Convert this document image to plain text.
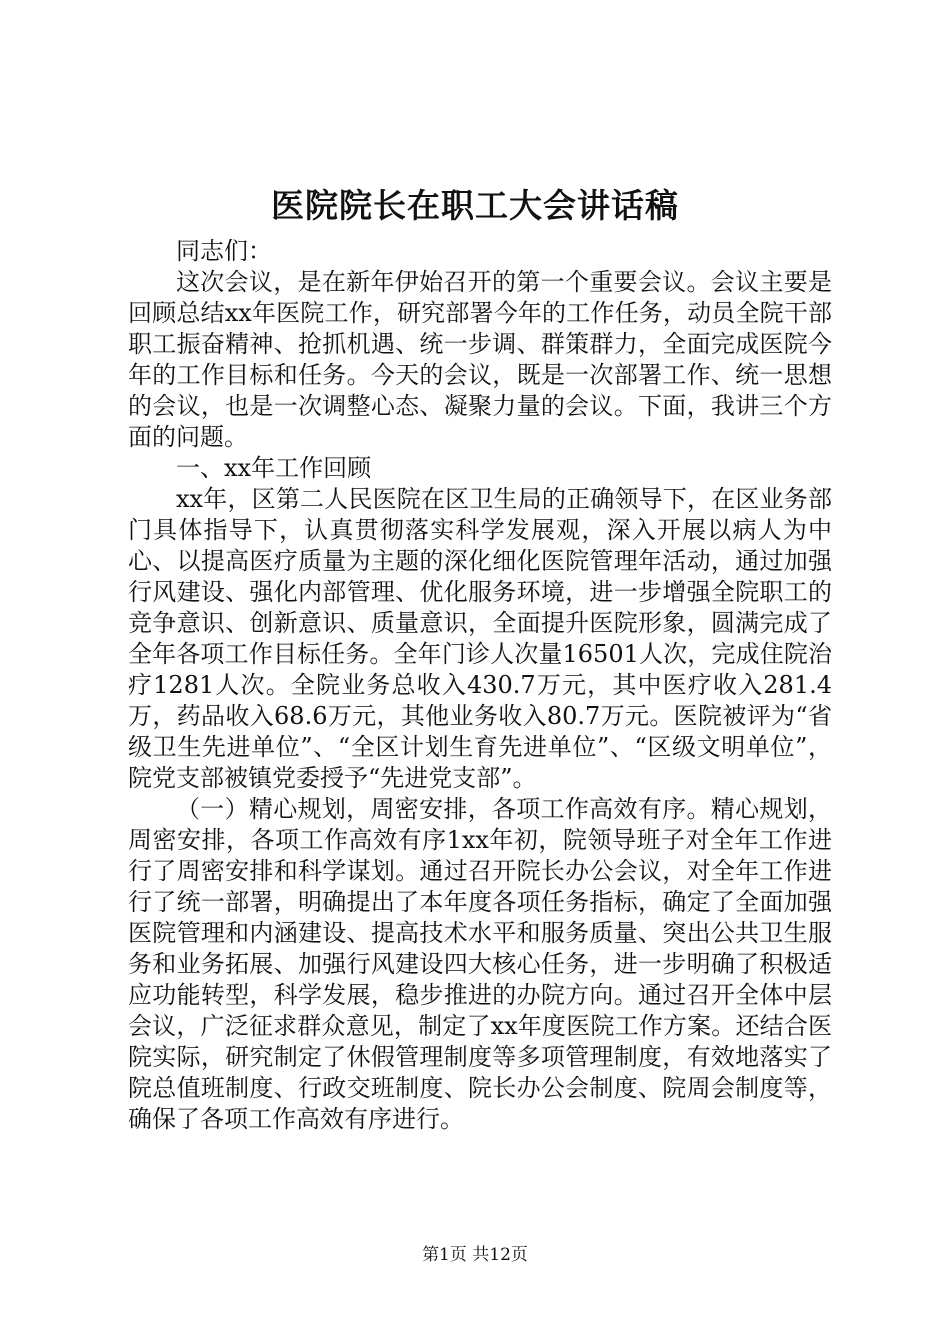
医院院长在职工大会讲话稿

同志们：

这次会议，是在新年伊始召开的第一个重要会议。会议主要是回顾总结xx年医院工作，研究部署今年的工作任务，动员全院干部职工振奋精神、抢抓机遇、统一步调、群策群力，全面完成医院今年的工作目标和任务。今天的会议，既是一次部署工作、统一思想的会议，也是一次调整心态、凝聚力量的会议。下面，我讲三个方面的问题。

一、xx年工作回顾

xx年，区第二人民医院在区卫生局的正确领导下，在区业务部门具体指导下，认真贯彻落实科学发展观，深入开展以病人为中心、以提高医疗质量为主题的深化细化医院管理年活动，通过加强行风建设、强化内部管理、优化服务环境，进一步增强全院职工的竞争意识、创新意识、质量意识，全面提升医院形象，圆满完成了全年各项工作目标任务。全年门诊人次量16501人次，完成住院治疗1281人次。全院业务总收入430.7万元，其中医疗收入281.4万，药品收入68.6万元，其他业务收入80.7万元。医院被评为“省级卫生先进单位”、“全区计划生育先进单位”、“区级文明单位”，院党支部被镇党委授予“先进党支部”。

（一）精心规划，周密安排，各项工作高效有序。精心规划，周密安排，各项工作高效有序1xx年初，院领导班子对全年工作进行了周密安排和科学谋划。通过召开院长办公会议，对全年工作进行了统一部署，明确提出了本年度各项任务指标，确定了全面加强医院管理和内涵建设、提高技术水平和服务质量、突出公共卫生服务和业务拓展、加强行风建设四大核心任务，进一步明确了积极适应功能转型，科学发展，稳步推进的办院方向。通过召开全体中层会议，广泛征求群众意见，制定了xx年度医院工作方案。还结合医院实际，研究制定了休假管理制度等多项管理制度，有效地落实了院总值班制度、行政交班制度、院长办公会制度、院周会制度等，确保了各项工作高效有序进行。

第1页 共12页
